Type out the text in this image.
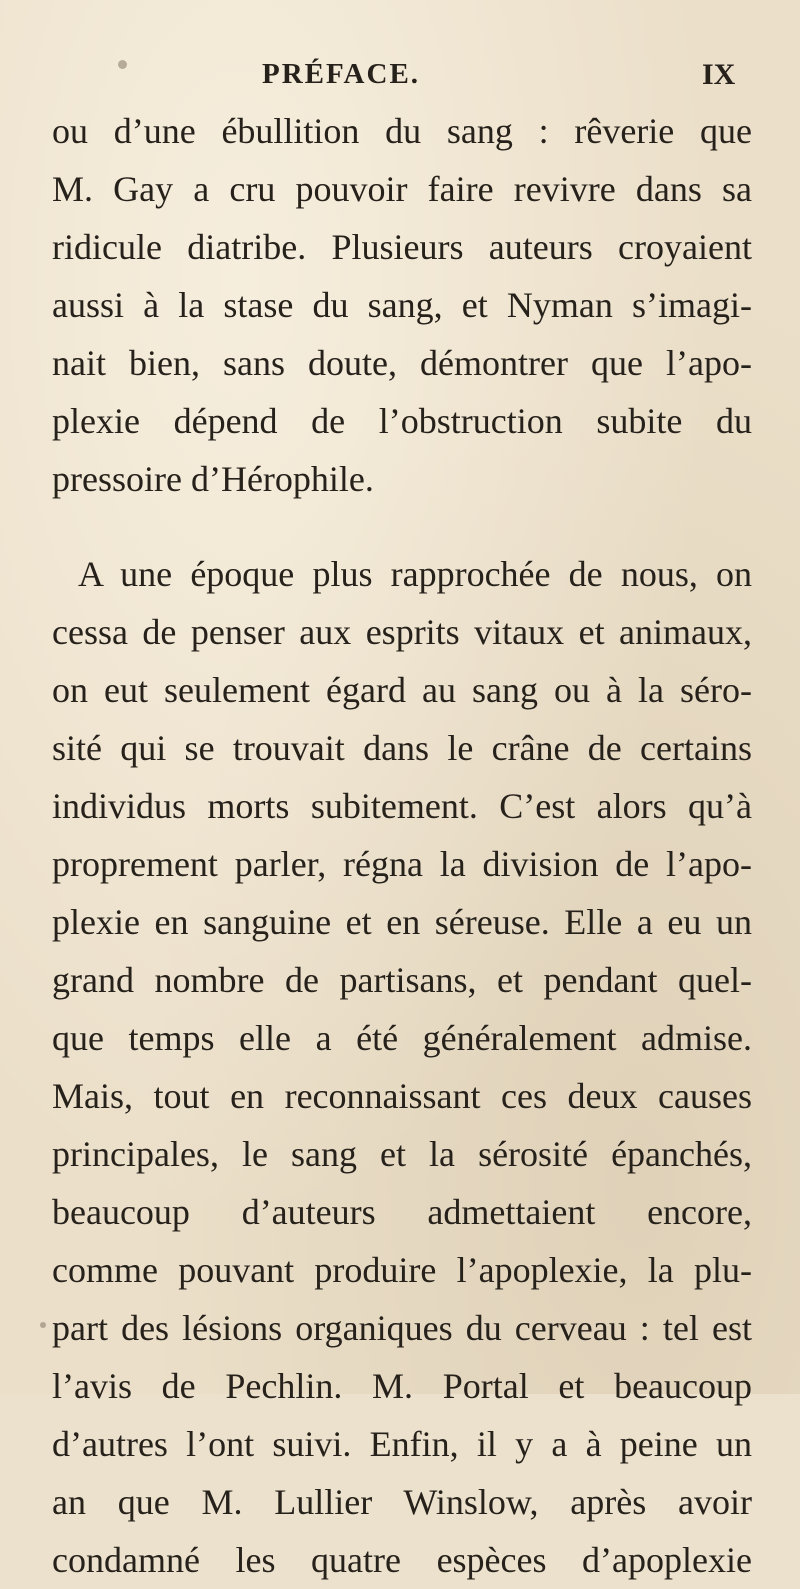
PRÉFACE.	IX
ou d’une ébullition du sang : rêverie que
M. Gay a cru pouvoir faire revivre dans sa
ridicule diatribe. Plusieurs auteurs croyaient
aussi à la stase du sang, et Nyman s’imagi-
nait bien, sans doute, démontrer que l’apo-
plexie dépend de l’obstruction subite du
pressoire d’Hérophile.
A une époque plus rapprochée de nous, on
cessa de penser aux esprits vitaux et animaux,
on eut seulement égard au sang ou à la séro-
sité qui se trouvait dans le crâne de certains
individus morts subitement. C’est alors qu’à
proprement parler, régna la division de l’apo-
plexie en sanguine et en séreuse. Elle a eu un
grand nombre de partisans, et pendant quel-
que temps elle a été généralement admise.
Mais, tout en reconnaissant ces deux causes
principales, le sang et la sérosité épanchés,
beaucoup d’auteurs admettaient encore,
comme pouvant produire l’apoplexie, la plu-
part des lésions organiques du cerveau : tel est
l’avis de Pechlin. M. Portal et beaucoup
d’autres l’ont suivi. Enfin, il y a à peine un
an que M. Lullier Winslow, après avoir
condamné les quatre espèces d’apoplexie
